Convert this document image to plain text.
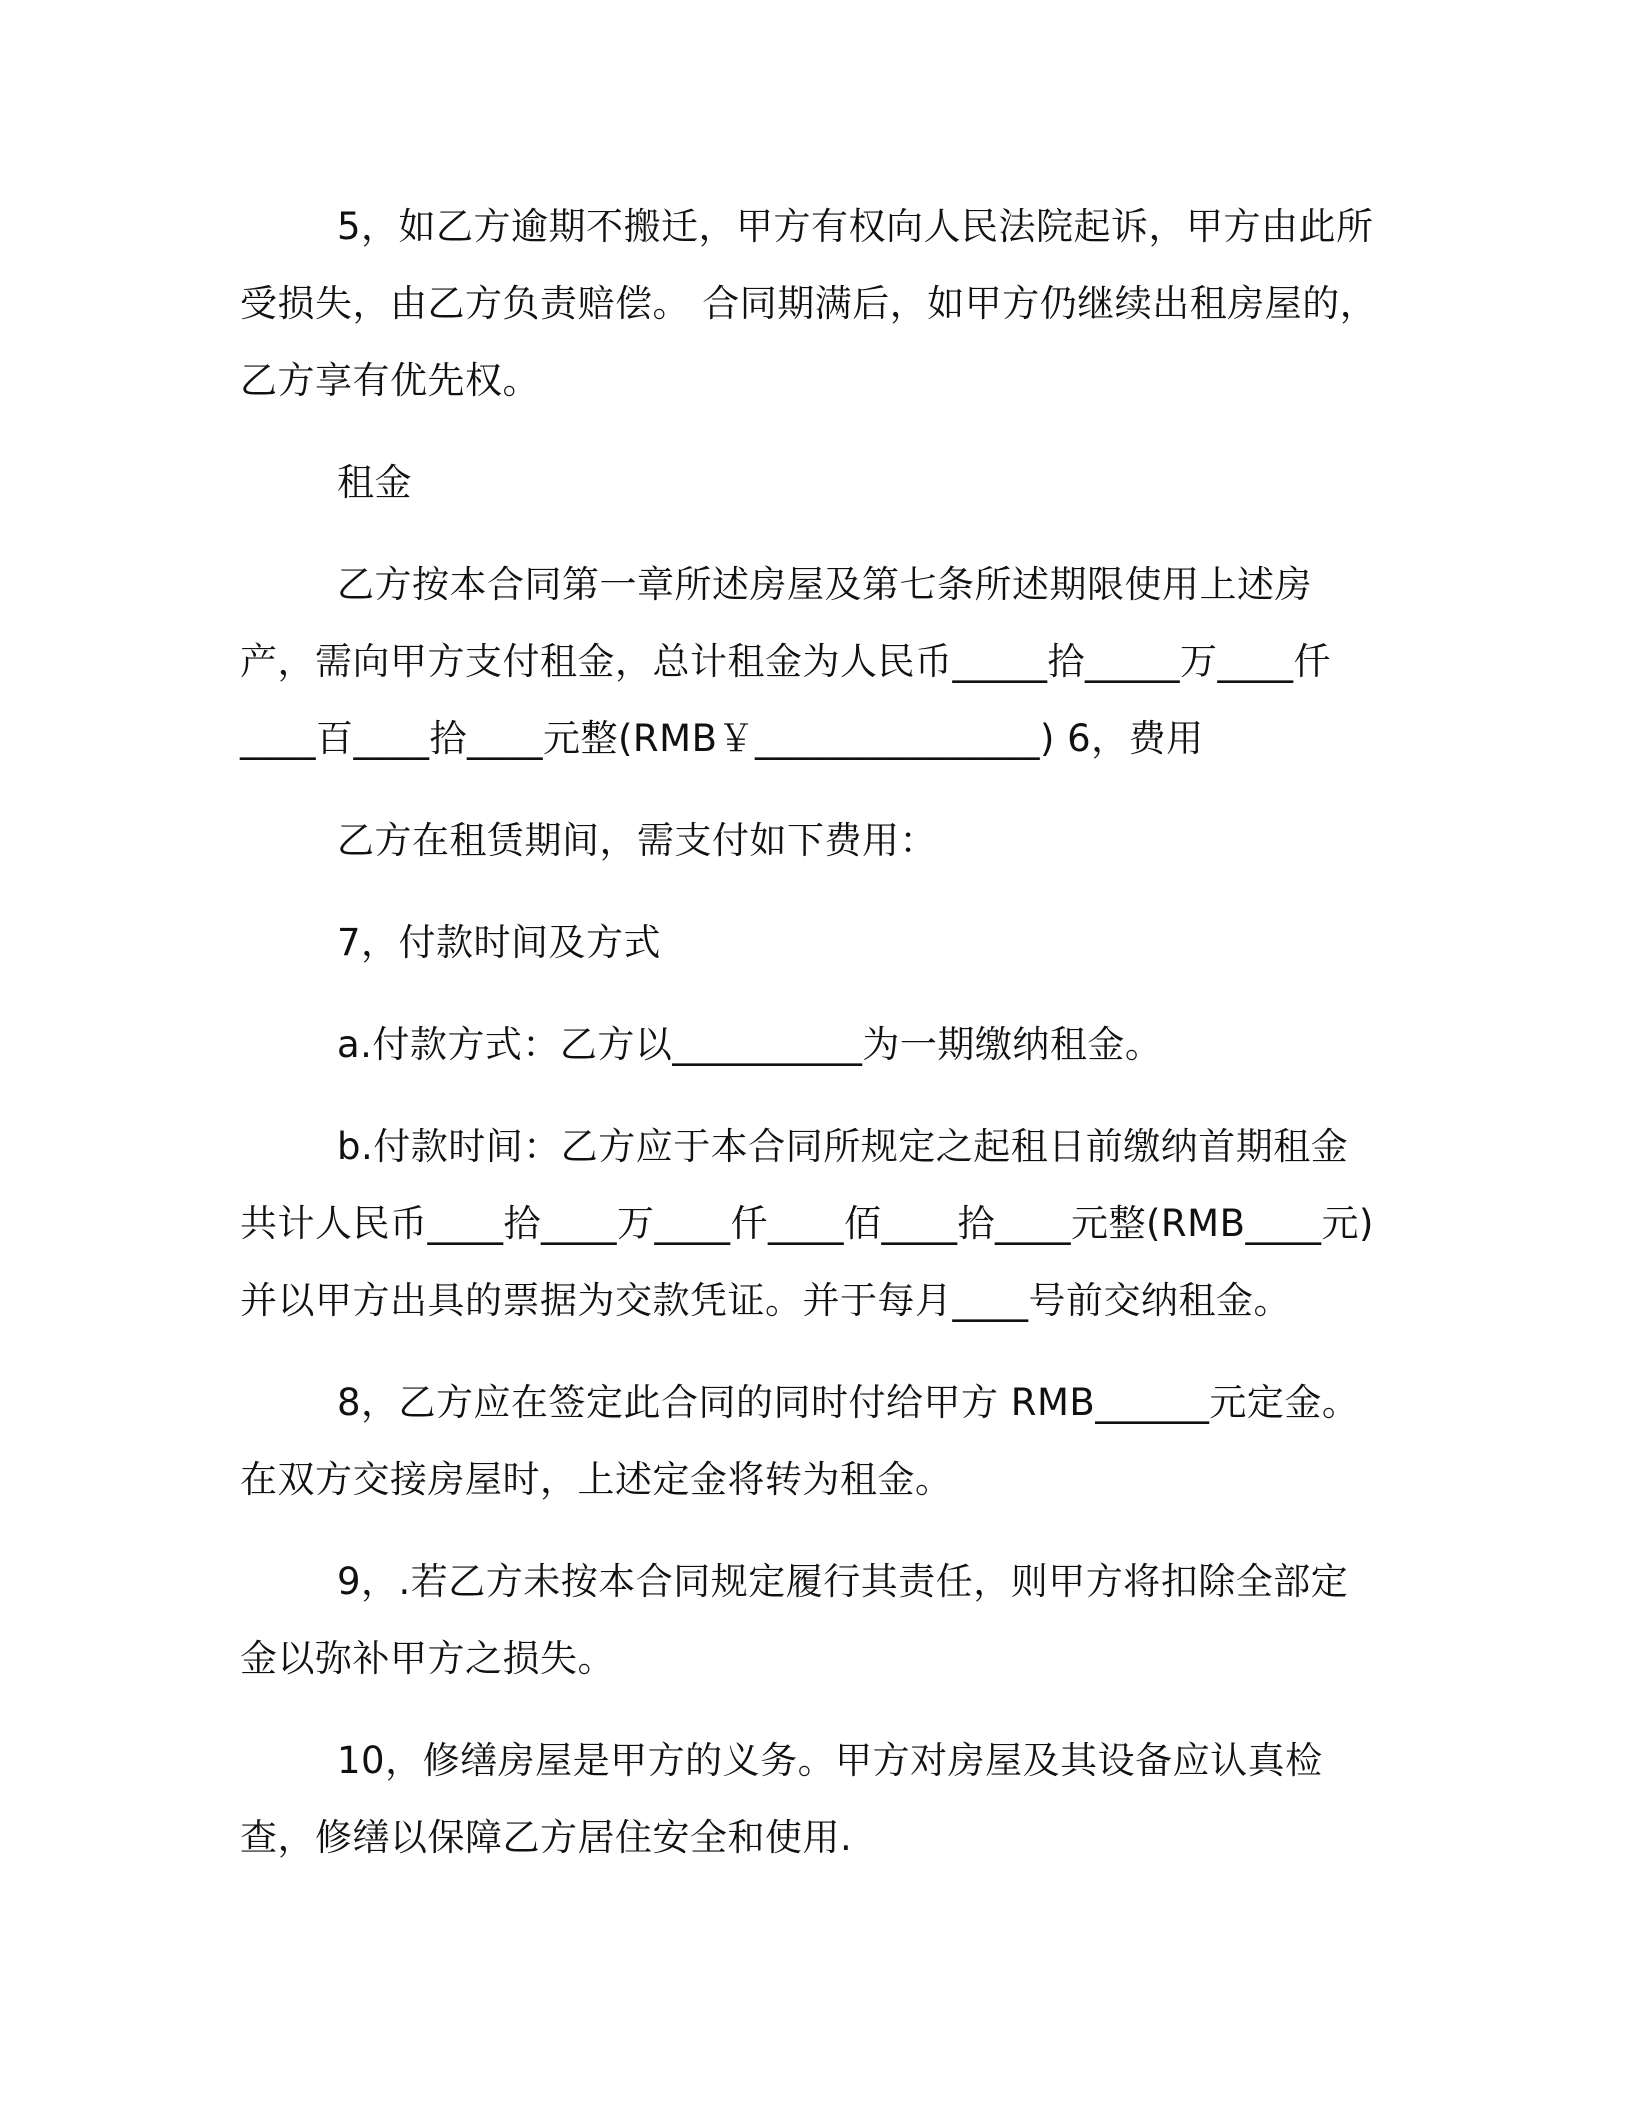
5，如乙方逾期不搬迁，甲方有权向人民法院起诉，甲方由此所受损失，由乙方负责赔偿。 合同期满后，如甲方仍继续出租房屋的，乙方享有优先权。

租金

乙方按本合同第一章所述房屋及第七条所述期限使用上述房产，需向甲方支付租金，总计租金为人民币_____拾_____万____仟 ____百____拾____元整(RMB￥_______________) 6，费用

乙方在租赁期间，需支付如下费用：

7，付款时间及方式

a.付款方式：乙方以__________为一期缴纳租金。

b.付款时间：乙方应于本合同所规定之起租日前缴纳首期租金共计人民币____拾____万____仟____佰____拾____元整(RMB____元)并以甲方出具的票据为交款凭证。并于每月____号前交纳租金。

8，乙方应在签定此合同的同时付给甲方 RMB______元定金。在双方交接房屋时，上述定金将转为租金。

9，.若乙方未按本合同规定履行其责任，则甲方将扣除全部定金以弥补甲方之损失。

10，修缮房屋是甲方的义务。甲方对房屋及其设备应认真检查，修缮以保障乙方居住安全和使用.
